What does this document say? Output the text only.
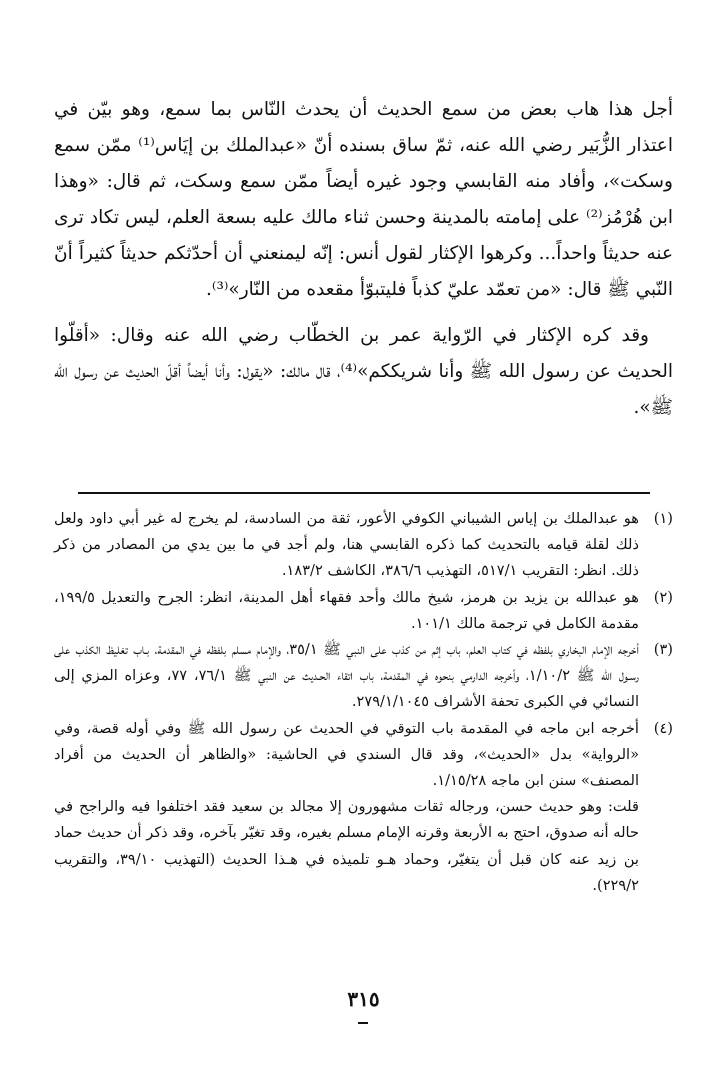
أجل هذا هاب بعض من سمع الحديث أن يحدث النّاس بما سمع، وهو بيّن في اعتذار الزُّبَير رضي الله عنه، ثمّ ساق بسنده أنّ «عبدالملك بن إيَاس⁽¹⁾ ممّن سمع وسكت»، وأفاد منه القابسي وجود غيره أيضاً ممّن سمع وسكت، ثم قال: «وهذا ابن هُرْمُز⁽²⁾ على إمامته بالمدينة وحسن ثناء مالك عليه بسعة العلم، ليس تكاد ترى عنه حديثاً واحداً... وكرهوا الإكثار لقول أنس: إنّه ليمنعني أن أحدّثكم حديثاً كثيراً أنّ النّبي ﷺ قال: «من تعمّد عليّ كذباً فليتبوّأ مقعده من النّار»⁽³⁾.

وقد كره الإكثار في الرّواية عمر بن الخطّاب رضي الله عنه وقال: «أقلّوا الحديث عن رسول الله ﷺ وأنا شريككم»⁽⁴⁾، قال مالك: «يقول: وأنا أيضاً أقلّ الحديث عن رسول الله ﷺ».

(١)

هو عبدالملك بن إياس الشيباني الكوفي الأعور، ثقة من السادسة، لم يخرج له غير أبي داود ولعل ذلك لقلة قيامه بالتحديث كما ذكره القابسي هنا، ولم أجد في ما بين يدي من المصادر من ذكر ذلك. انظر: التقريب ٥١٧/١، التهذيب ٣٨٦/٦، الكاشف ١٨٣/٢.

(٢)

هو عبدالله بن يزيد بن هرمز، شيخ مالك وأحد فقهاء أهل المدينة، انظر: الجرح والتعديل ١٩٩/٥، مقدمة الكامل في ترجمة مالك ١٠١/١.

(٣)

أخرجه الإمام البخاري بلفظه في كتاب العلم، باب إثم من كذب على النبي ﷺ ٣٥/١، والإمام مسلم بلفظه في المقدمة، بـاب تغليظ الكذب على رسـول الله ﷺ ١/١٠/٢، وأخرجه الدارمي بنحوه في المقدمة، باب اتقاء الحـديث عن النبي ﷺ ٧٦/١، ٧٧، وعزاه المزي إلى النسائي في الكبرى تحفة الأشراف ٢٧٩/١/١٠٤٥.

(٤)

أخرجه ابن ماجه في المقدمة باب التوقي في الحديث عن رسول الله ﷺ وفي أوله قصة، وفي «الرواية» بدل «الحديث»، وقد قال السندي في الحاشية: «والظاهر أن الحديث من أفراد المصنف» سنن ابن ماجه ١/١٥/٢٨.

قلت: وهو حديث حسن، ورجاله ثقات مشهورون إلا مجالد بن سعيد فقد اختلفوا فيه والراجح في حاله أنه صدوق، احتج به الأربعة وقرنه الإمام مسلم بغيره، وقد تغيّر بآخره، وقد ذكر أن حديث حماد بن زيد عنه كان قبل أن يتغيّر، وحماد هـو تلميذه في هـذا الحديث (التهذيب ٣٩/١٠، والتقريب ٢٢٩/٢).

٣١٥
